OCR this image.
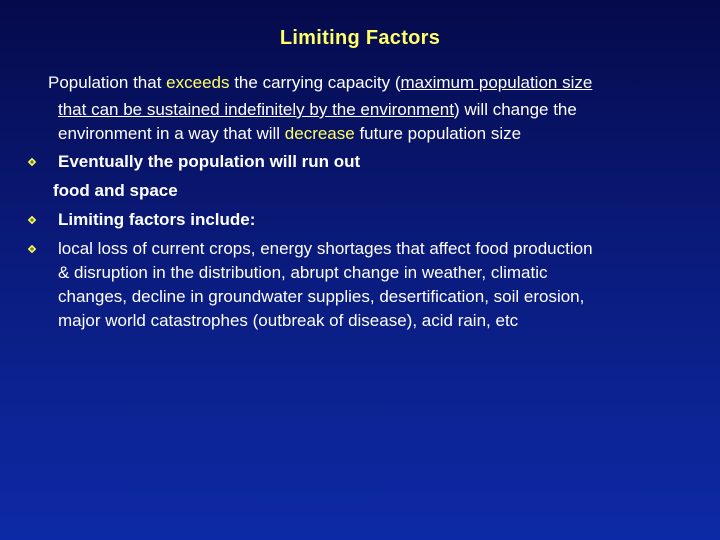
Limiting Factors
Population that exceeds the carrying capacity (maximum population size
that can be sustained indefinitely by the environment) will change the
environment in a way that will decrease future population size
Eventually the population will run out
food and space
Limiting factors include:
local loss of current crops, energy shortages that affect food production
& disruption in the distribution, abrupt change in weather, climatic
changes, decline in groundwater supplies, desertification, soil erosion,
major world catastrophes (outbreak of disease), acid rain, etc
